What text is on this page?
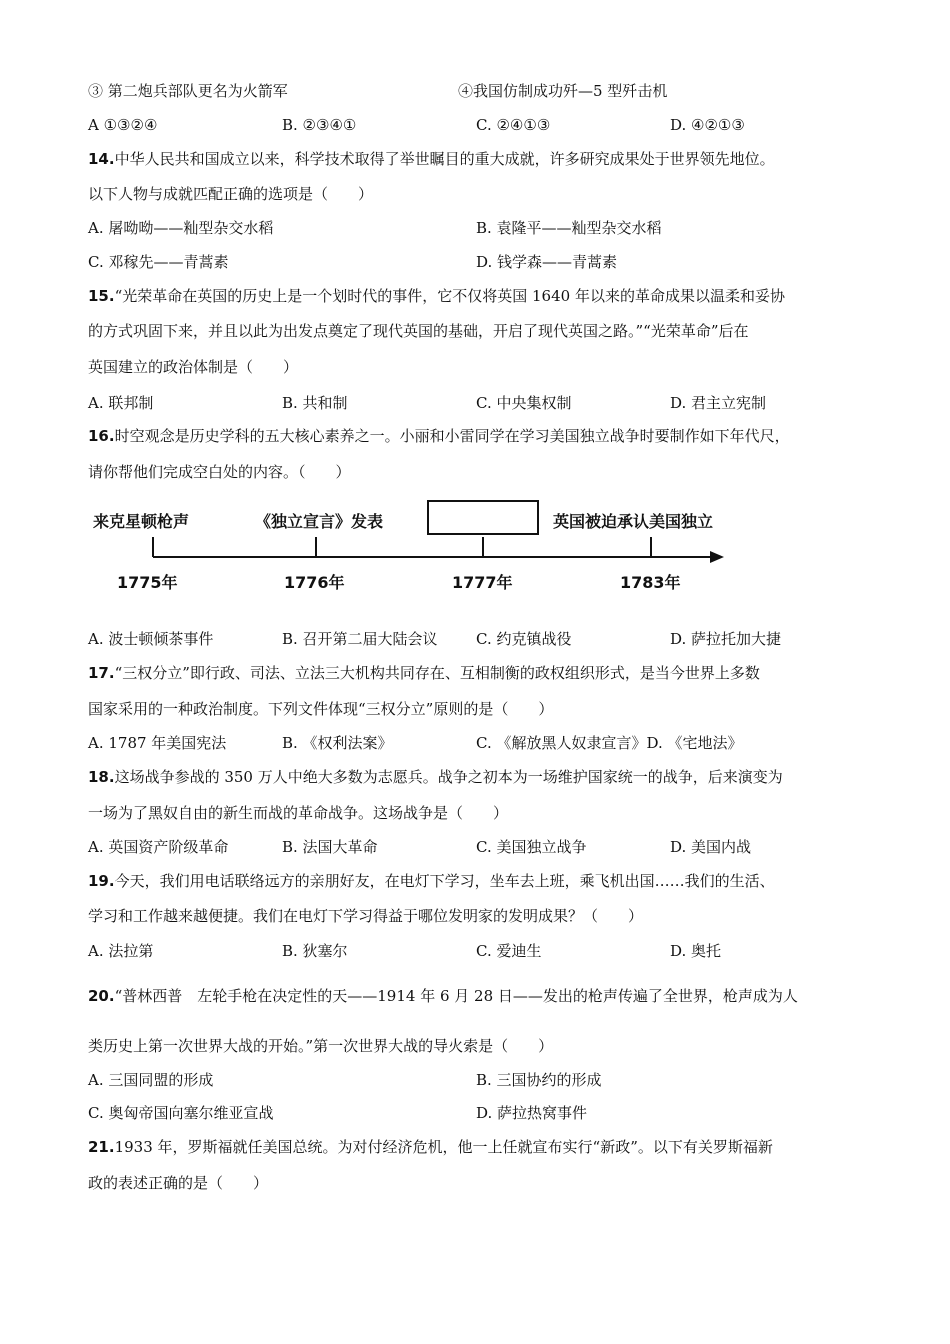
③ 第二炮兵部队更名为火箭军	④我国仿制成功歼—5 型歼击机
A ①③②④	B. ②③④①	C. ②④①③	D. ④②①③
14.中华人民共和国成立以来，科学技术取得了举世瞩目的重大成就，许多研究成果处于世界领先地位。
以下人物与成就匹配正确的选项是（　　）
A. 屠呦呦——籼型杂交水稻	B. 袁隆平——籼型杂交水稻
C. 邓稼先——青蒿素	D. 钱学森——青蒿素
15.“光荣革命在英国的历史上是一个划时代的事件，它不仅将英国 1640 年以来的革命成果以温柔和妥协
的方式巩固下来，并且以此为出发点奠定了现代英国的基础，开启了现代英国之路。”“光荣革命”后在
英国建立的政治体制是（　　）
A. 联邦制	B. 共和制	C. 中央集权制	D. 君主立宪制
16.时空观念是历史学科的五大核心素养之一。小丽和小雷同学在学习美国独立战争时要制作如下年代尺，
请你帮他们完成空白处的内容。（　　）
来克星顿枪声	《独立宣言》发表	英国被迫承认美国独立
1775年	1776年	1777年	1783年
A. 波士顿倾茶事件	B. 召开第二届大陆会议	C. 约克镇战役	D. 萨拉托加大捷
17.“三权分立”即行政、司法、立法三大机构共同存在、互相制衡的政权组织形式，是当今世界上多数
国家采用的一种政治制度。下列文件体现“三权分立”原则的是（　　）
A. 1787 年美国宪法	B. 《权利法案》	C. 《解放黑人奴隶宣言》D. 《宅地法》
18.这场战争参战的 350 万人中绝大多数为志愿兵。战争之初本为一场维护国家统一的战争，后来演变为
一场为了黑奴自由的新生而战的革命战争。这场战争是（　　）
A. 英国资产阶级革命	B. 法国大革命	C. 美国独立战争	D. 美国内战
19.今天，我们用电话联络远方的亲朋好友，在电灯下学习，坐车去上班，乘飞机出国……我们的生活、
学习和工作越来越便捷。我们在电灯下学习得益于哪位发明家的发明成果？（　　）
A. 法拉第	B. 狄塞尔	C. 爱迪生	D. 奥托
20.“普林西普　左轮手枪在决定性的天——1914 年 6 月 28 日——发出的枪声传遍了全世界，枪声成为人
类历史上第一次世界大战的开始。”第一次世界大战的导火索是（　　）
A. 三国同盟的形成	B. 三国协约的形成
C. 奥匈帝国向塞尔维亚宣战	D. 萨拉热窝事件
21.1933 年，罗斯福就任美国总统。为对付经济危机，他一上任就宣布实行“新政”。以下有关罗斯福新
政的表述正确的是（　　）
